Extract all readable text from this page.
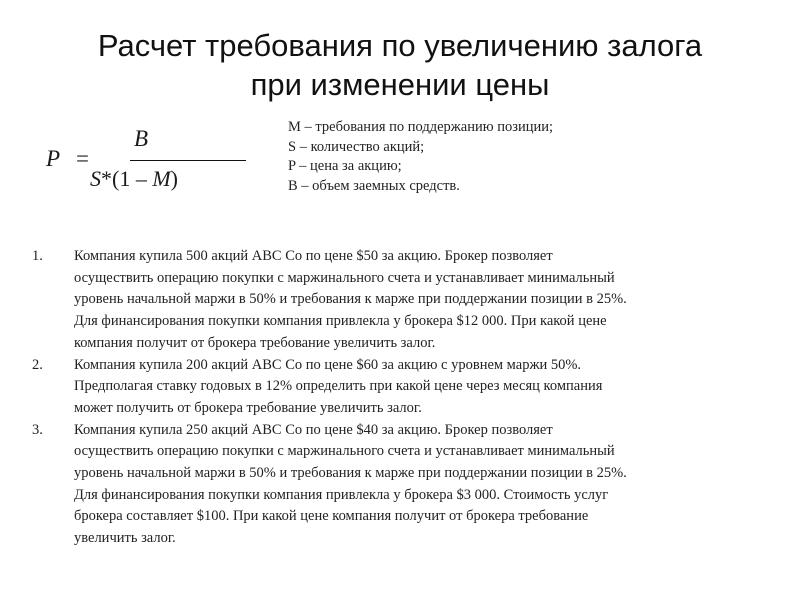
Расчет требования по увеличению залога
при изменении цены
P =
B
S*(1 – M)
M – требования по поддержанию позиции;
S – количество акций;
P – цена за акцию;
B – объем заемных средств.
1. Компания купила 500 акций ABC Co по цене $50 за акцию. Брокер позволяет
осуществить операцию покупки с маржинального счета и устанавливает минимальный
уровень начальной маржи в 50% и требования к марже при поддержании позиции в 25%.
Для финансирования покупки компания привлекла у брокера $12 000. При какой цене
компания получит от брокера требование увеличить залог.
2. Компания купила 200 акций ABC Co по цене $60 за акцию с уровнем маржи 50%.
Предполагая ставку годовых в 12% определить при какой цене через месяц компания
может получить от брокера требование увеличить залог.
3. Компания купила 250 акций ABC Co по цене $40 за акцию. Брокер позволяет
осуществить операцию покупки с маржинального счета и устанавливает минимальный
уровень начальной маржи в 50% и требования к марже при поддержании позиции в 25%.
Для финансирования покупки компания привлекла у брокера $3 000. Стоимость услуг
брокера составляет $100. При какой цене компания получит от брокера требование
увеличить залог.
